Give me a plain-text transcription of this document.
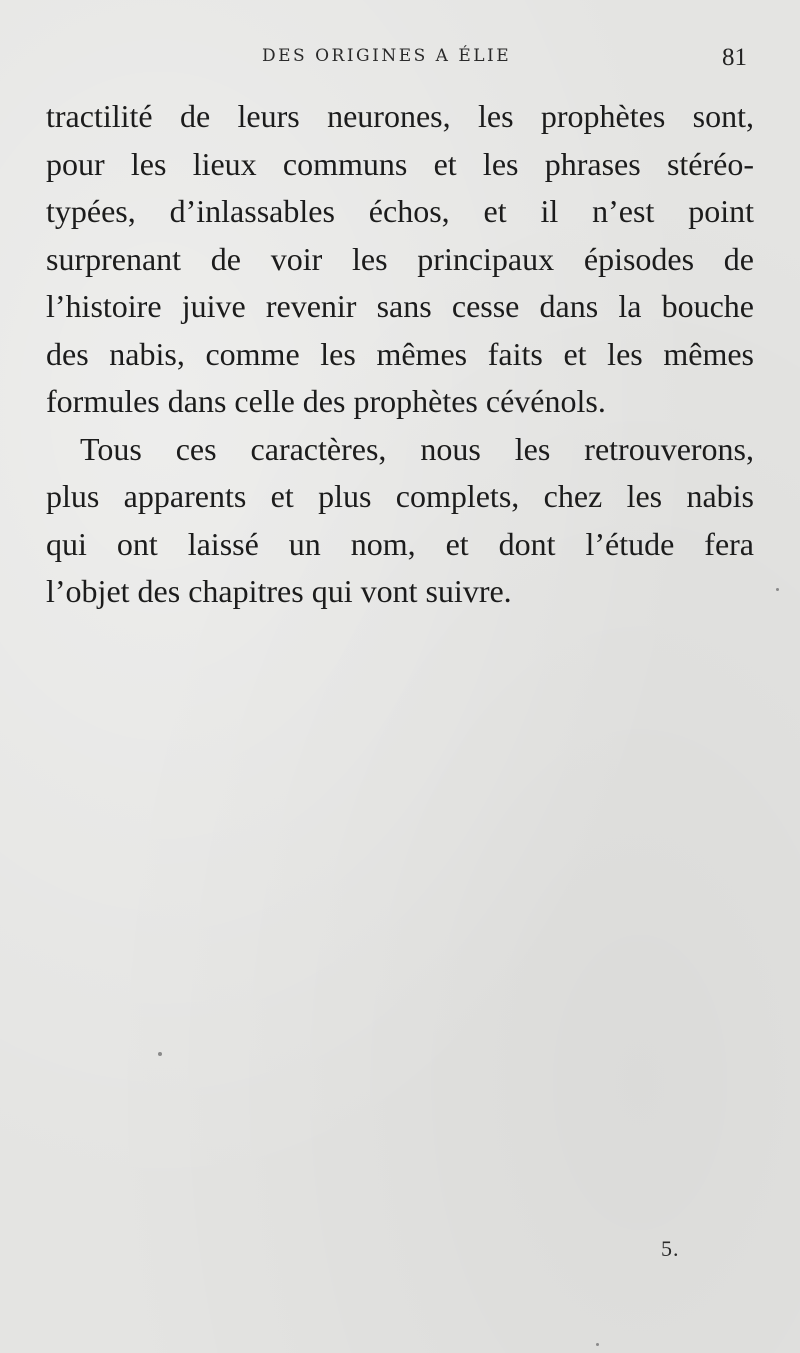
DES ORIGINES A ÉLIE	81
tractilité de leurs neurones, les prophètes sont,
pour les lieux communs et les phrases stéréo-
typées, d’inlassables échos, et il n’est point
surprenant de voir les principaux épisodes de
l’histoire juive revenir sans cesse dans la bouche
des nabis, comme les mêmes faits et les mêmes
formules dans celle des prophètes cévénols.
Tous ces caractères, nous les retrouverons,
plus apparents et plus complets, chez les nabis
qui ont laissé un nom, et dont l’étude fera
l’objet des chapitres qui vont suivre.
5.
